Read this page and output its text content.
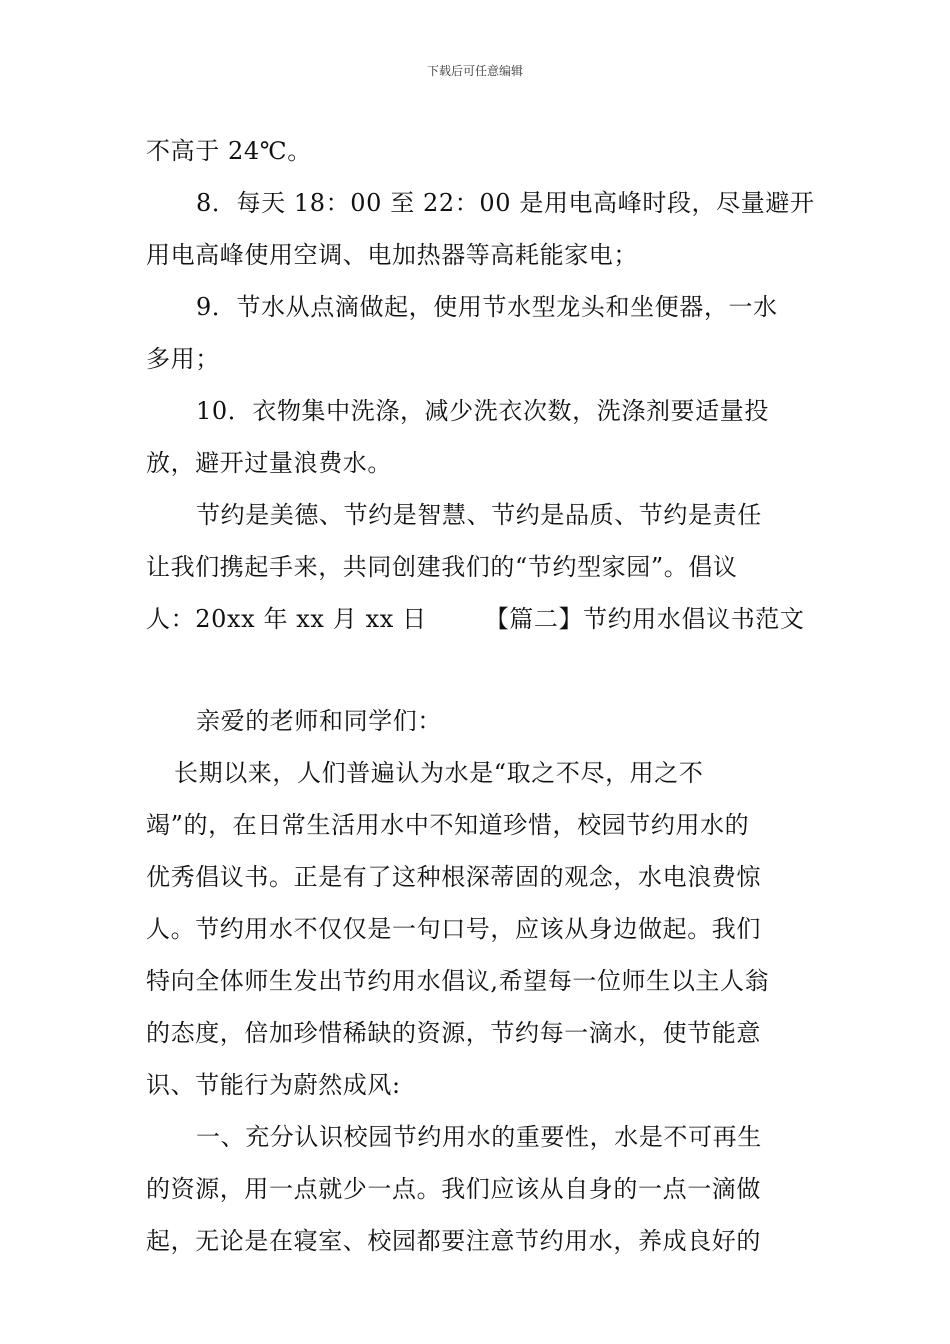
下载后可任意编辑
不高于 24℃。
8．每天 18：00 至 22：00 是用电高峰时段，尽量避开
用电高峰使用空调、电加热器等高耗能家电；
9．节水从点滴做起，使用节水型龙头和坐便器，一水
多用；
10．衣物集中洗涤，减少洗衣次数，洗涤剂要适量投
放，避开过量浪费水。
节约是美德、节约是智慧、节约是品质、节约是责任
让我们携起手来，共同创建我们的“节约型家园”。倡议
人：20xx 年 xx 月 xx 日 【篇二】节约用水倡议书范文
亲爱的老师和同学们：
长期以来，人们普遍认为水是“取之不尽，用之不
竭”的，在日常生活用水中不知道珍惜，校园节约用水的
优秀倡议书。正是有了这种根深蒂固的观念，水电浪费惊
人。节约用水不仅仅是一句口号，应该从身边做起。我们
特向全体师生发出节约用水倡议,希望每一位师生以主人翁
的态度，倍加珍惜稀缺的资源，节约每一滴水，使节能意
识、节能行为蔚然成风:
一、充分认识校园节约用水的重要性，水是不可再生
的资源，用一点就少一点。我们应该从自身的一点一滴做
起，无论是在寝室、校园都要注意节约用水，养成良好的
